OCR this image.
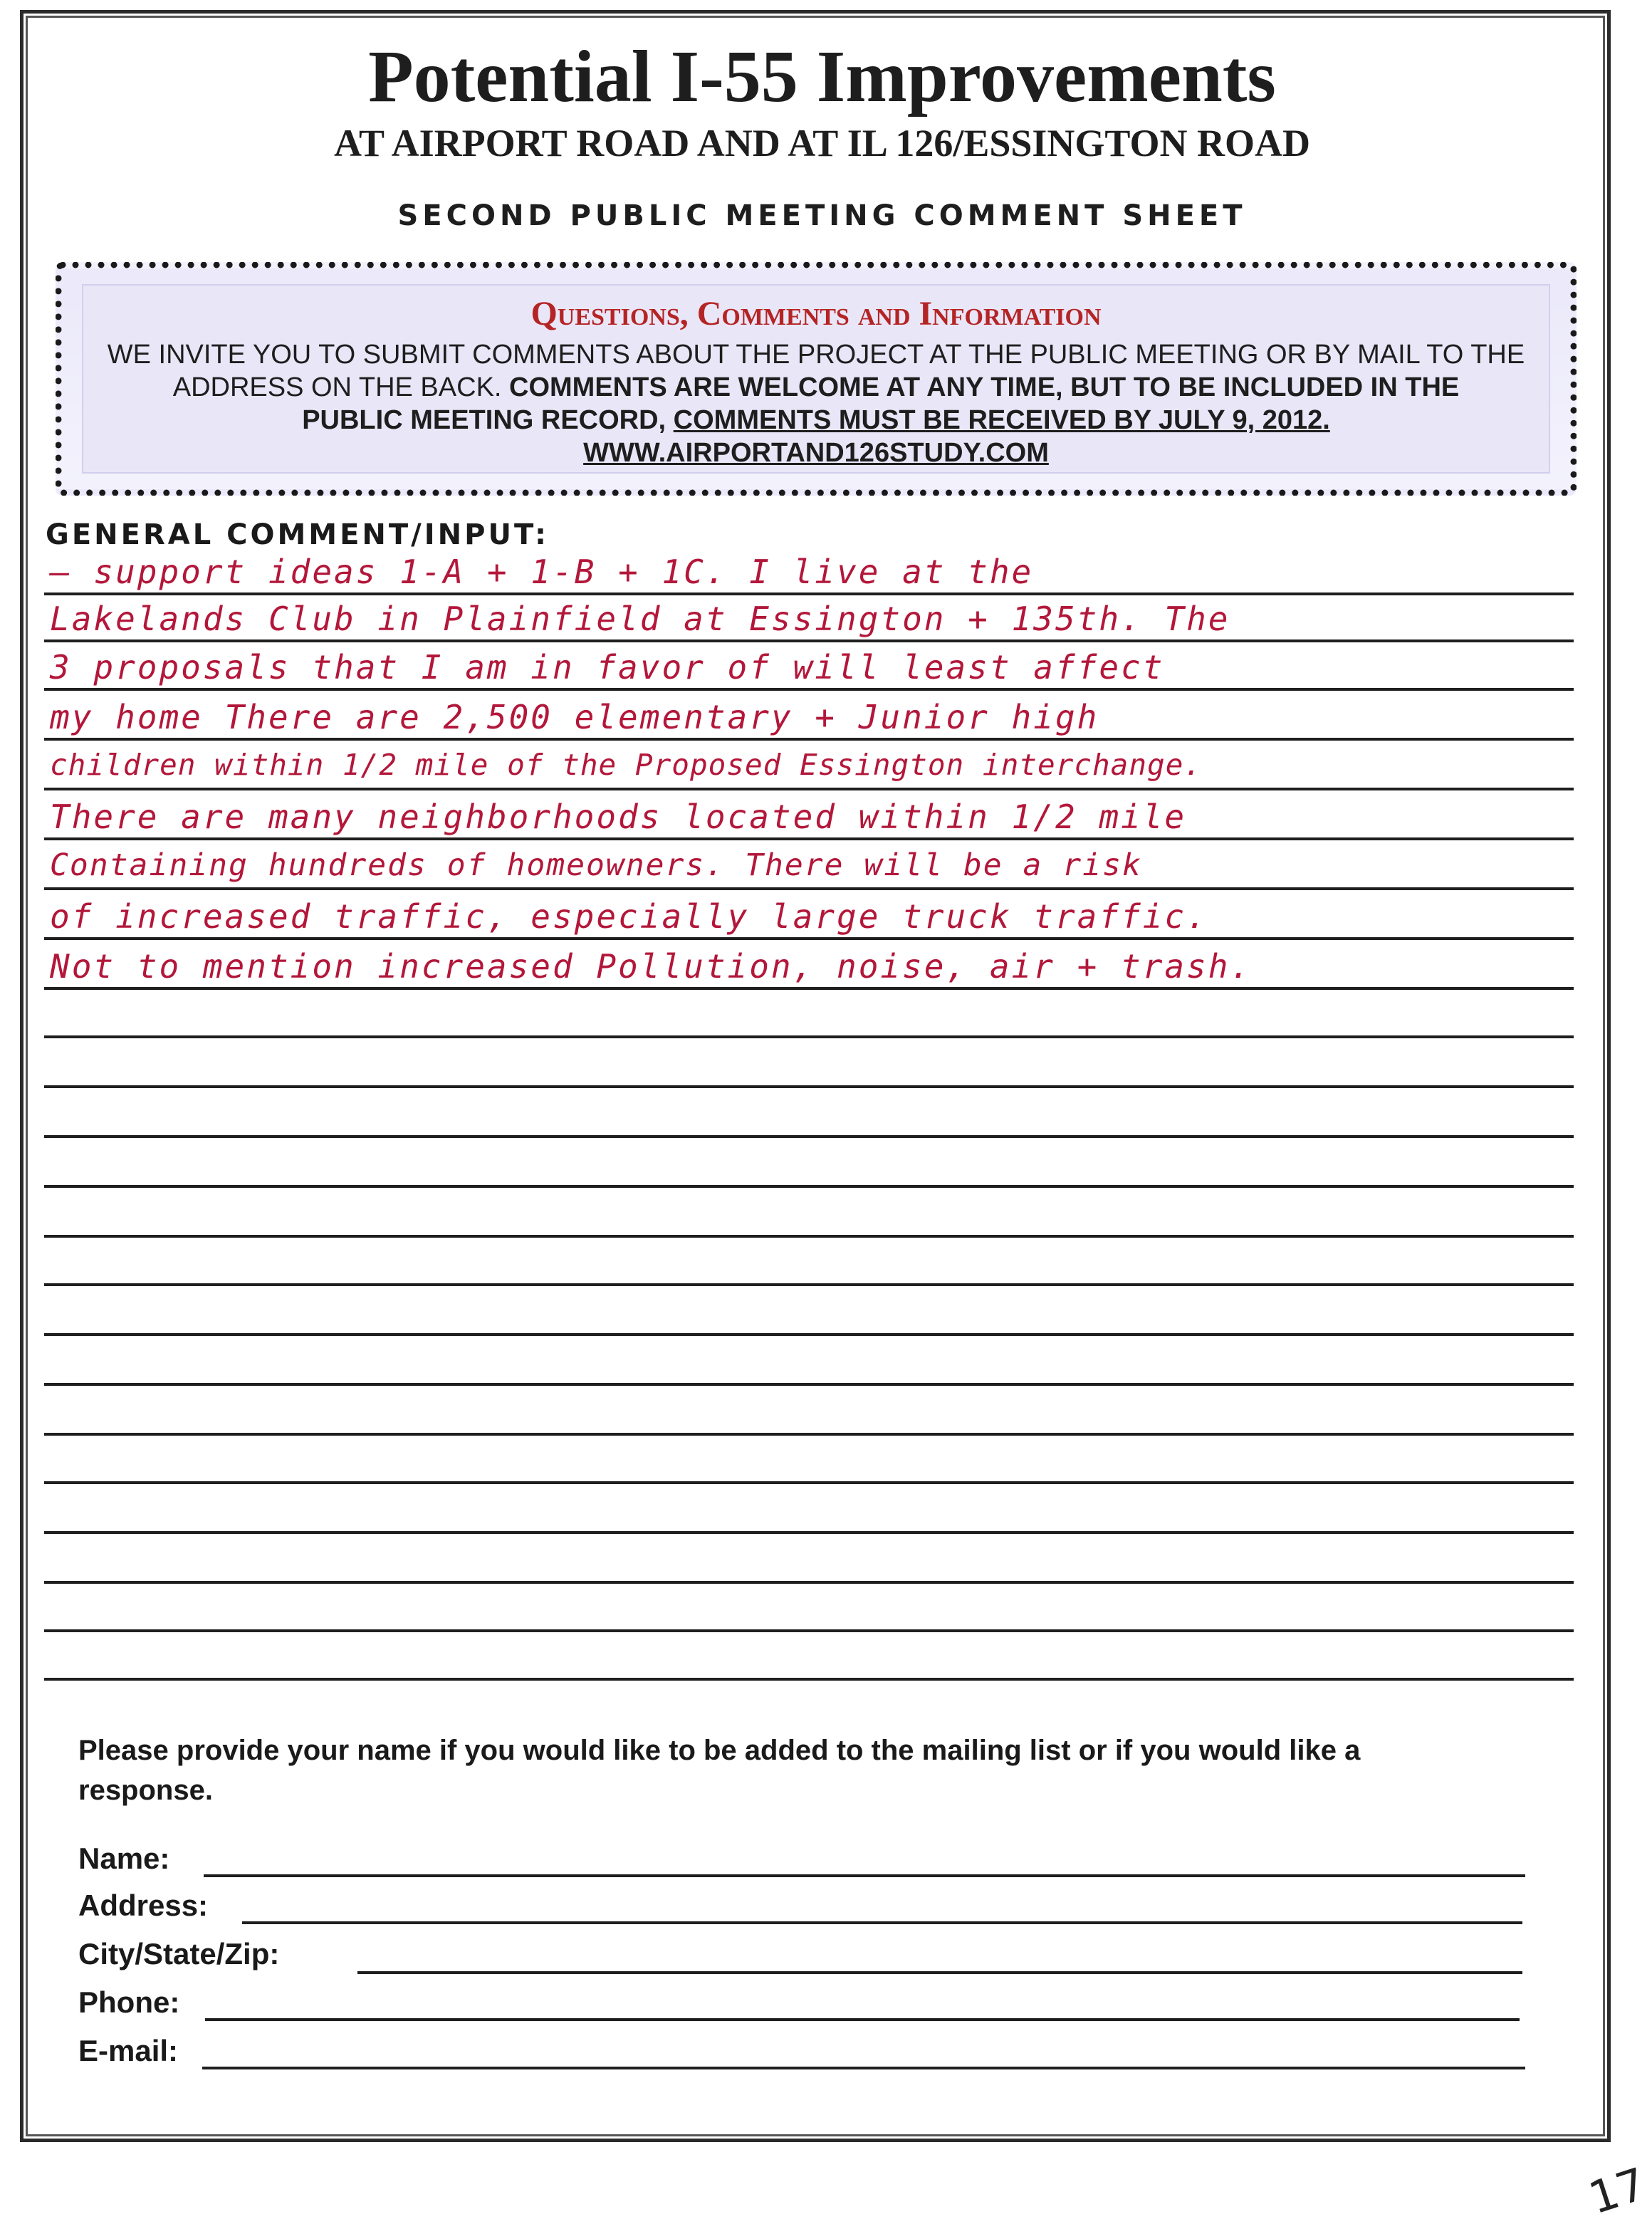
Potential I-55 Improvements
AT AIRPORT ROAD AND AT IL 126/ESSINGTON ROAD
SECOND PUBLIC MEETING COMMENT SHEET
Questions, Comments and Information
WE INVITE YOU TO SUBMIT COMMENTS ABOUT THE PROJECT AT THE PUBLIC MEETING OR BY MAIL TO THE
ADDRESS ON THE BACK. COMMENTS ARE WELCOME AT ANY TIME, BUT TO BE INCLUDED IN THE
PUBLIC MEETING RECORD, COMMENTS MUST BE RECEIVED BY JULY 9, 2012.
WWW.AIRPORTAND126STUDY.COM
GENERAL COMMENT/INPUT:
– support ideas 1-A + 1-B + 1C. I live at the
Lakelands Club in Plainfield at Essington + 135th. The
3 proposals that I am in favor of will least affect
my home There are 2,500 elementary + Junior high
children within 1/2 mile of the Proposed Essington interchange.
There are many neighborhoods located within 1/2 mile
Containing hundreds of homeowners. There will be a risk
of increased traffic, especially large truck traffic.
Not to mention increased Pollution, noise, air + trash.
Please provide your name if you would like to be added to the mailing list or if you would like a response.
Name:
Address:
City/State/Zip:
Phone:
E-mail:
17
